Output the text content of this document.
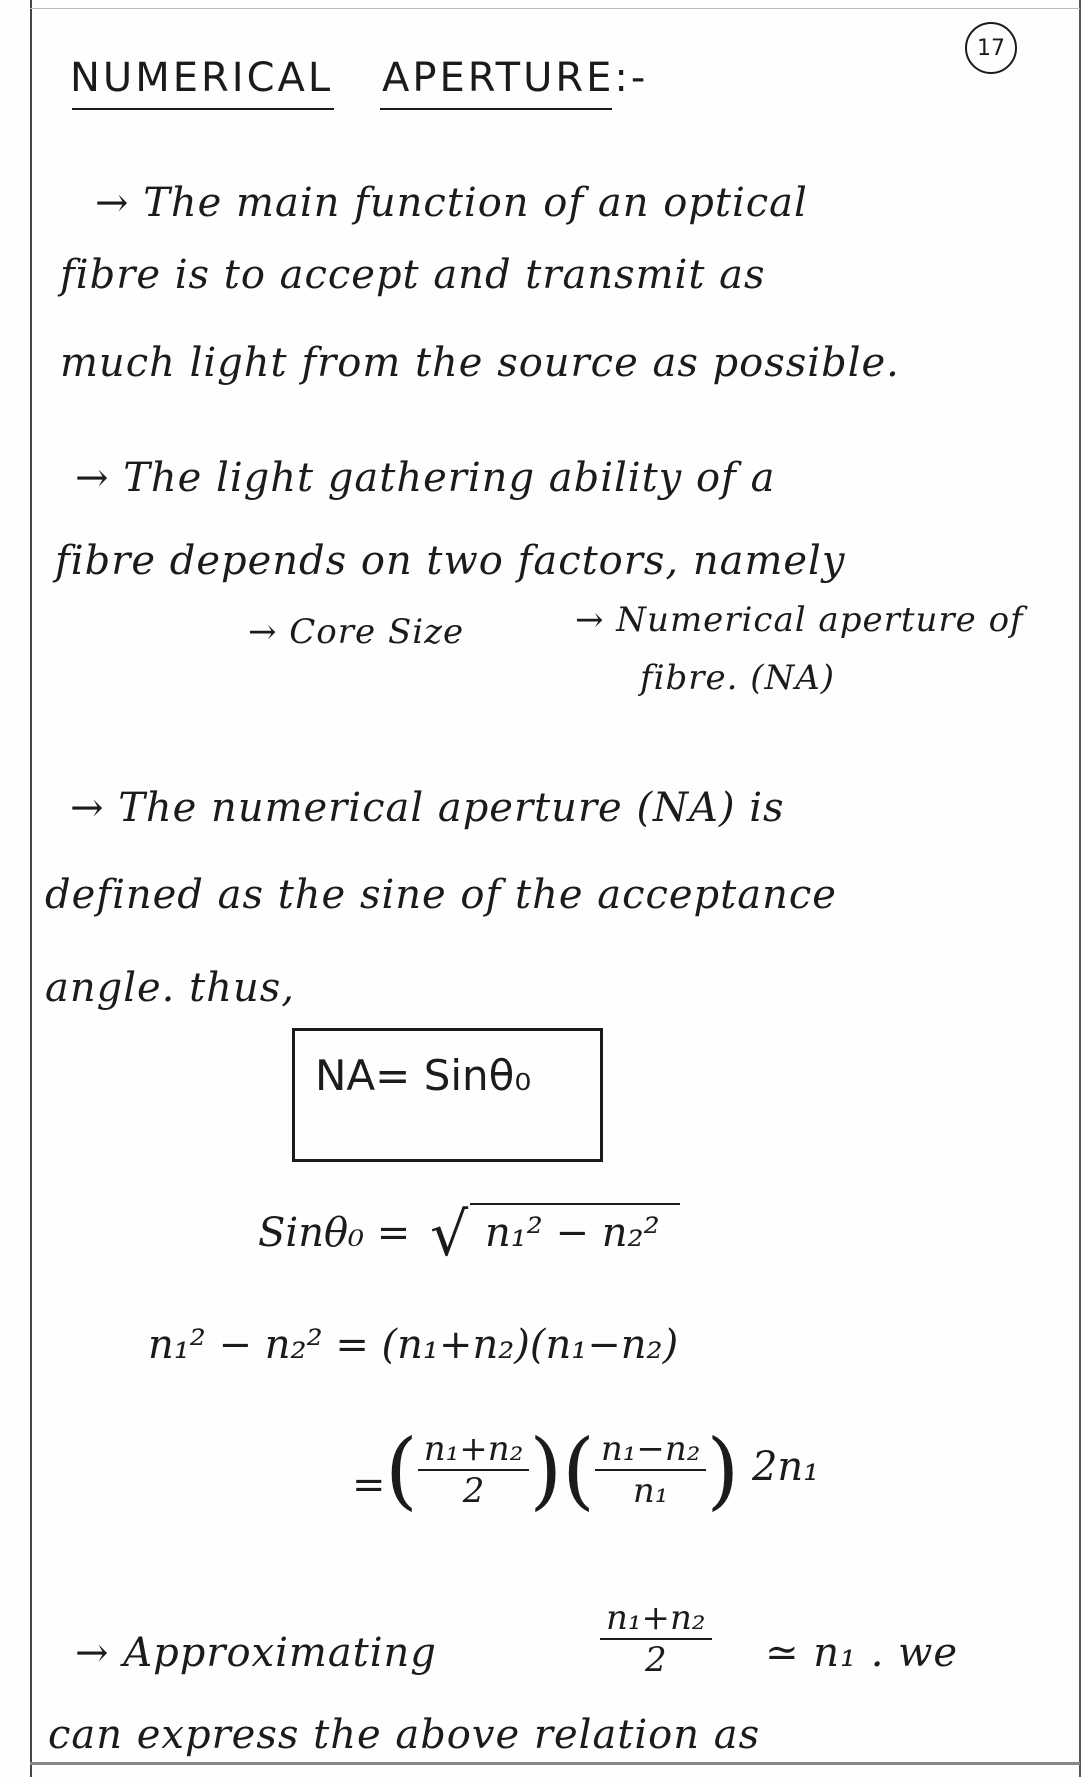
17
NUMERICAL APERTURE:-
→ The main function of an optical
fibre is to accept and transmit as
much light from the source as possible.
→ The light gathering ability of a
fibre depends on two factors, namely
→ Core Size	→ Numerical aperture of
fibre. (NA)
→ The numerical aperture (NA) is
defined as the sine of the acceptance
angle. thus,
NA= Sinθ₀
Sinθ₀ = √ n₁² − n₂²
n₁² − n₂² = (n₁+n₂)(n₁−n₂)
= ( $\frac{\text{n₁+n₂}}{2}$ )( $\frac{\text{n₁−n₂}}{\text{n₁}}$ ) 2n₁
→ Approximating	$\frac{\text{n₁+n₂}}{2}$ ≃ n₁ . we
can express the above relation as
